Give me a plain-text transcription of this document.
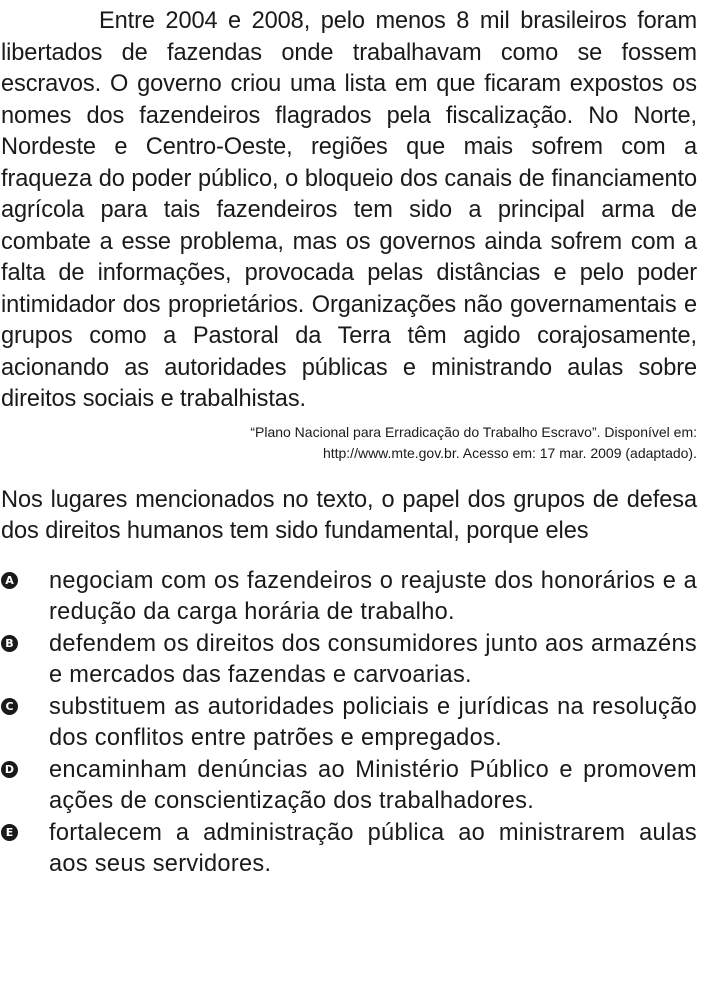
Entre 2004 e 2008, pelo menos 8 mil brasileiros foram libertados de fazendas onde trabalhavam como se fossem escravos. O governo criou uma lista em que ficaram expostos os nomes dos fazendeiros flagrados pela fiscalização. No Norte, Nordeste e Centro-Oeste, regiões que mais sofrem com a fraqueza do poder público, o bloqueio dos canais de financiamento agrícola para tais fazendeiros tem sido a principal arma de combate a esse problema, mas os governos ainda sofrem com a falta de informações, provocada pelas distâncias e pelo poder intimidador dos proprietários. Organizações não governamentais e grupos como a Pastoral da Terra têm agido corajosamente, acionando as autoridades públicas e ministrando aulas sobre direitos sociais e trabalhistas.

“Plano Nacional para Erradicação do Trabalho Escravo”. Disponível em:
http://www.mte.gov.br. Acesso em: 17 mar. 2009 (adaptado).

Nos lugares mencionados no texto, o papel dos grupos de defesa dos direitos humanos tem sido fundamental, porque eles

A negociam com os fazendeiros o reajuste dos honorários e a redução da carga horária de trabalho.
B defendem os direitos dos consumidores junto aos armazéns e mercados das fazendas e carvoarias.
C substituem as autoridades policiais e jurídicas na resolução dos conflitos entre patrões e empregados.
D encaminham denúncias ao Ministério Público e promovem ações de conscientização dos trabalhadores.
E fortalecem a administração pública ao ministrarem aulas aos seus servidores.
